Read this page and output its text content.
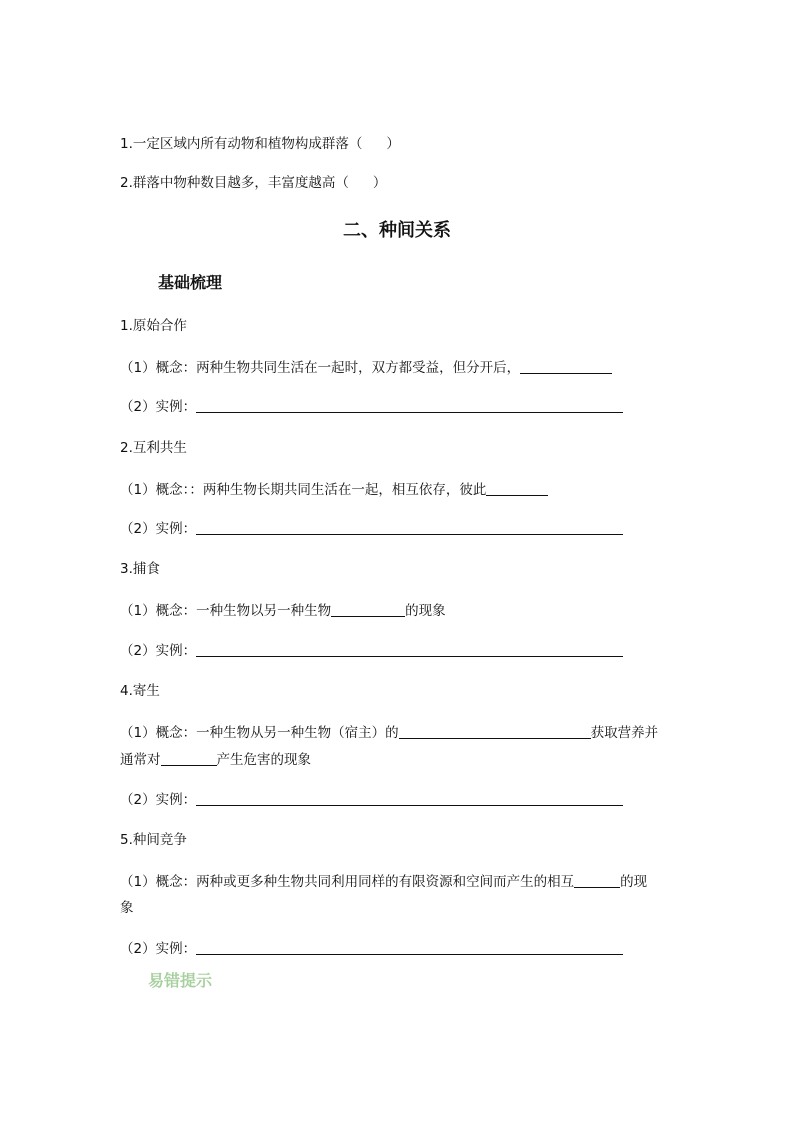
1.一定区域内所有动物和植物构成群落（ ）
2.群落中物种数目越多，丰富度越高（ ）
二、种间关系
基础梳理
1.原始合作
（1）概念：两种生物共同生活在一起时，双方都受益，但分开后，
（2）实例：
2.互利共生
（1）概念：：两种生物长期共同生活在一起，相互依存，彼此
（2）实例：
3.捕食
（1）概念：一种生物以另一种生物	的现象
（2）实例：
4.寄生
（1）概念：一种生物从另一种生物（宿主）的	获取营养并
通常对	产生危害的现象
（2）实例：
5.种间竞争
（1）概念：两种或更多种生物共同利用同样的有限资源和空间而产生的相互	的现
象
（2）实例：
易错提示
